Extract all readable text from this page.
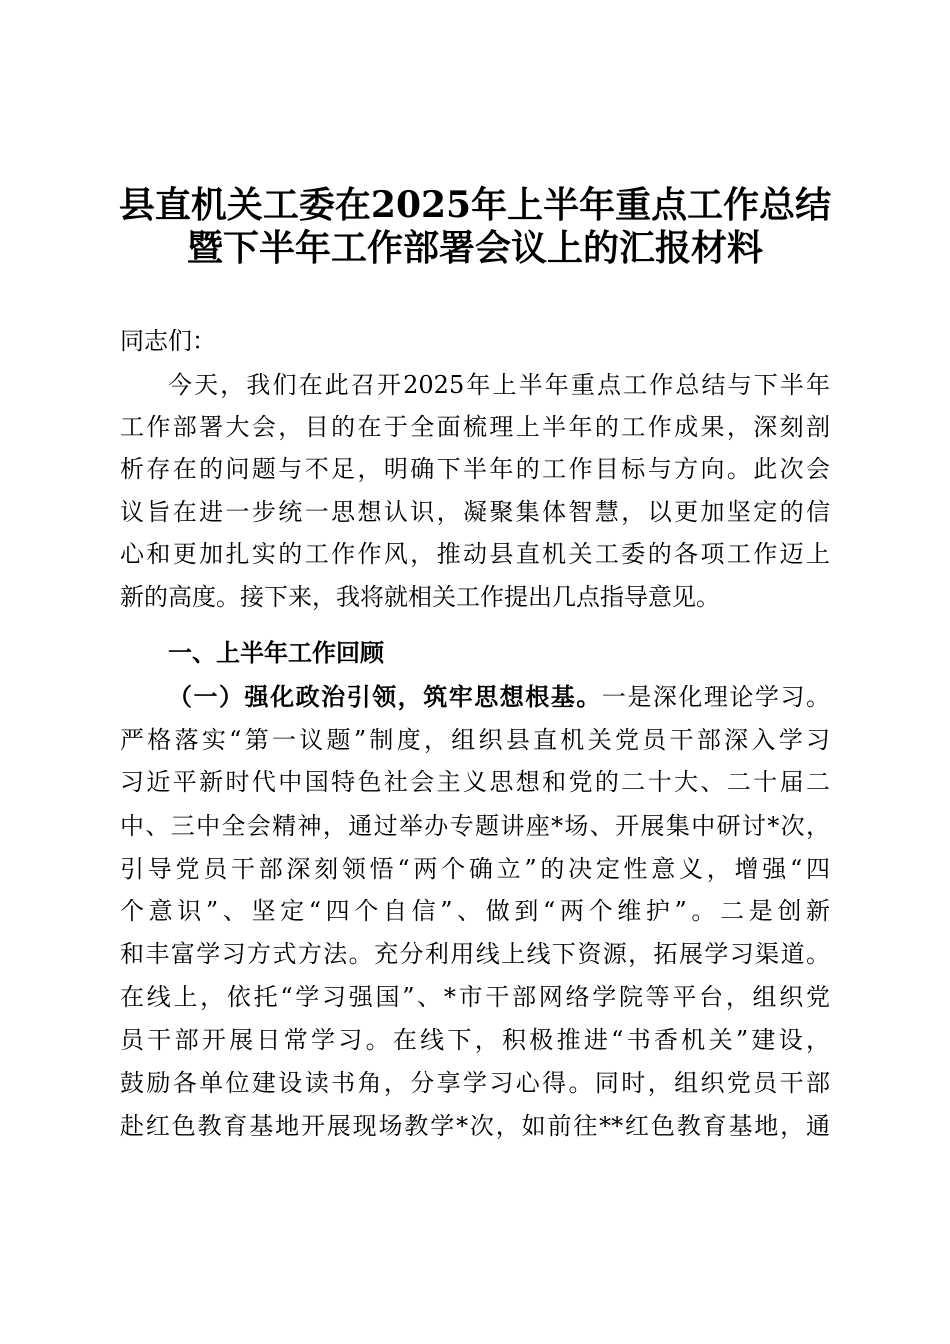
县直机关工委在2025年上半年重点工作总结
暨下半年工作部署会议上的汇报材料

同志们：

今天，我们在此召开2025年上半年重点工作总结与下半年

工作部署大会，目的在于全面梳理上半年的工作成果，深刻剖

析存在的问题与不足，明确下半年的工作目标与方向。此次会

议旨在进一步统一思想认识，凝聚集体智慧，以更加坚定的信

心和更加扎实的工作作风，推动县直机关工委的各项工作迈上

新的高度。接下来，我将就相关工作提出几点指导意见。

一、上半年工作回顾

（一）强化政治引领，筑牢思想根基。一是深化理论学习。

严格落实“第一议题”制度，组织县直机关党员干部深入学习

习近平新时代中国特色社会主义思想和党的二十大、二十届二

中、三中全会精神，通过举办专题讲座*场、开展集中研讨*次，

引导党员干部深刻领悟“两个确立”的决定性意义，增强“四

个意识”、坚定“四个自信”、做到“两个维护”。二是创新

和丰富学习方式方法。充分利用线上线下资源，拓展学习渠道。

在线上，依托“学习强国”、*市干部网络学院等平台，组织党

员干部开展日常学习。在线下，积极推进“书香机关”建设，

鼓励各单位建设读书角，分享学习心得。同时，组织党员干部

赴红色教育基地开展现场教学*次，如前往**红色教育基地，通
